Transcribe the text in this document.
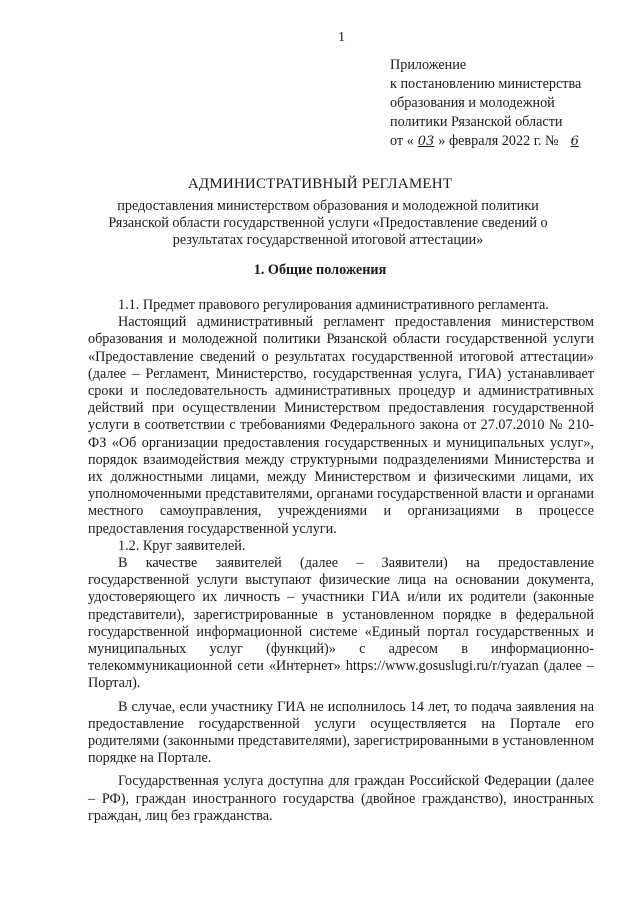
1
Приложение
к постановлению министерства
образования и молодежной
политики Рязанской области
от « 03 » февраля 2022 г. № 6
АДМИНИСТРАТИВНЫЙ РЕГЛАМЕНТ
предоставления министерством образования и молодежной политики Рязанской области государственной услуги «Предоставление сведений о результатах государственной итоговой аттестации»
1. Общие положения

1.1. Предмет правового регулирования административного регламента.

Настоящий административный регламент предоставления министерством образования и молодежной политики Рязанской области государственной услуги «Предоставление сведений о результатах государственной итоговой аттестации» (далее – Регламент, Министерство, государственная услуга, ГИА) устанавливает сроки и последовательность административных процедур и административных действий при осуществлении Министерством предоставления государственной услуги в соответствии с требованиями Федерального закона от 27.07.2010 № 210-ФЗ «Об организации предоставления государственных и муниципальных услуг», порядок взаимодействия между структурными подразделениями Министерства и их должностными лицами, между Министерством и физическими лицами, их уполномоченными представителями, органами государственной власти и органами местного самоуправления, учреждениями и организациями в процессе предоставления государственной услуги.

1.2. Круг заявителей.

В качестве заявителей (далее – Заявители) на предоставление государственной услуги выступают физические лица на основании документа, удостоверяющего их личность – участники ГИА и/или их родители (законные представители), зарегистрированные в установленном порядке в федеральной государственной информационной системе «Единый портал государственных и муниципальных услуг (функций)» с адресом в информационно-телекоммуникационной сети «Интернет» https://www.gosuslugi.ru/r/ryazan (далее – Портал).

В случае, если участнику ГИА не исполнилось 14 лет, то подача заявления на предоставление государственной услуги осуществляется на Портале его родителями (законными представителями), зарегистрированными в установленном порядке на Портале.

Государственная услуга доступна для граждан Российской Федерации (далее – РФ), граждан иностранного государства (двойное гражданство), иностранных граждан, лиц без гражданства.
